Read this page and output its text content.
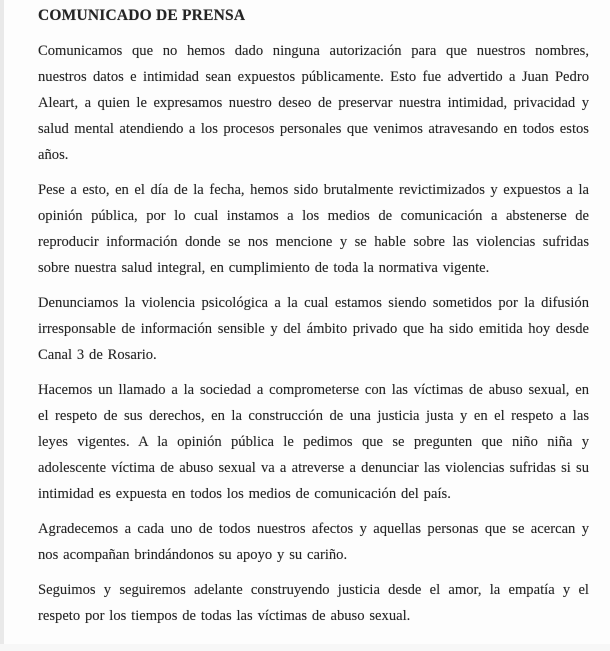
COMUNICADO DE PRENSA

Comunicamos que no hemos dado ninguna autorización para que nuestros nombres, nuestros datos e intimidad sean expuestos públicamente. Esto fue advertido a Juan Pedro Aleart, a quien le expresamos nuestro deseo de preservar nuestra intimidad, privacidad y salud mental atendiendo a los procesos personales que venimos atravesando en todos estos años.

Pese a esto, en el día de la fecha, hemos sido brutalmente revictimizados y expuestos a la opinión pública, por lo cual instamos a los medios de comunicación a abstenerse de reproducir información donde se nos mencione y se hable sobre las violencias sufridas sobre nuestra salud integral, en cumplimiento de toda la normativa vigente.

Denunciamos la violencia psicológica a la cual estamos siendo sometidos por la difusión irresponsable de información sensible y del ámbito privado que ha sido emitida hoy desde Canal 3 de Rosario.

Hacemos un llamado a la sociedad a comprometerse con las víctimas de abuso sexual, en el respeto de sus derechos, en la construcción de una justicia justa y en el respeto a las leyes vigentes. A la opinión pública le pedimos que se pregunten que niño niña y adolescente víctima de abuso sexual va a atreverse a denunciar las violencias sufridas si su intimidad es expuesta en todos los medios de comunicación del país.

Agradecemos a cada uno de todos nuestros afectos y aquellas personas que se acercan y nos acompañan brindándonos su apoyo y su cariño.

Seguimos y seguiremos adelante construyendo justicia desde el amor, la empatía y el respeto por los tiempos de todas las víctimas de abuso sexual.
